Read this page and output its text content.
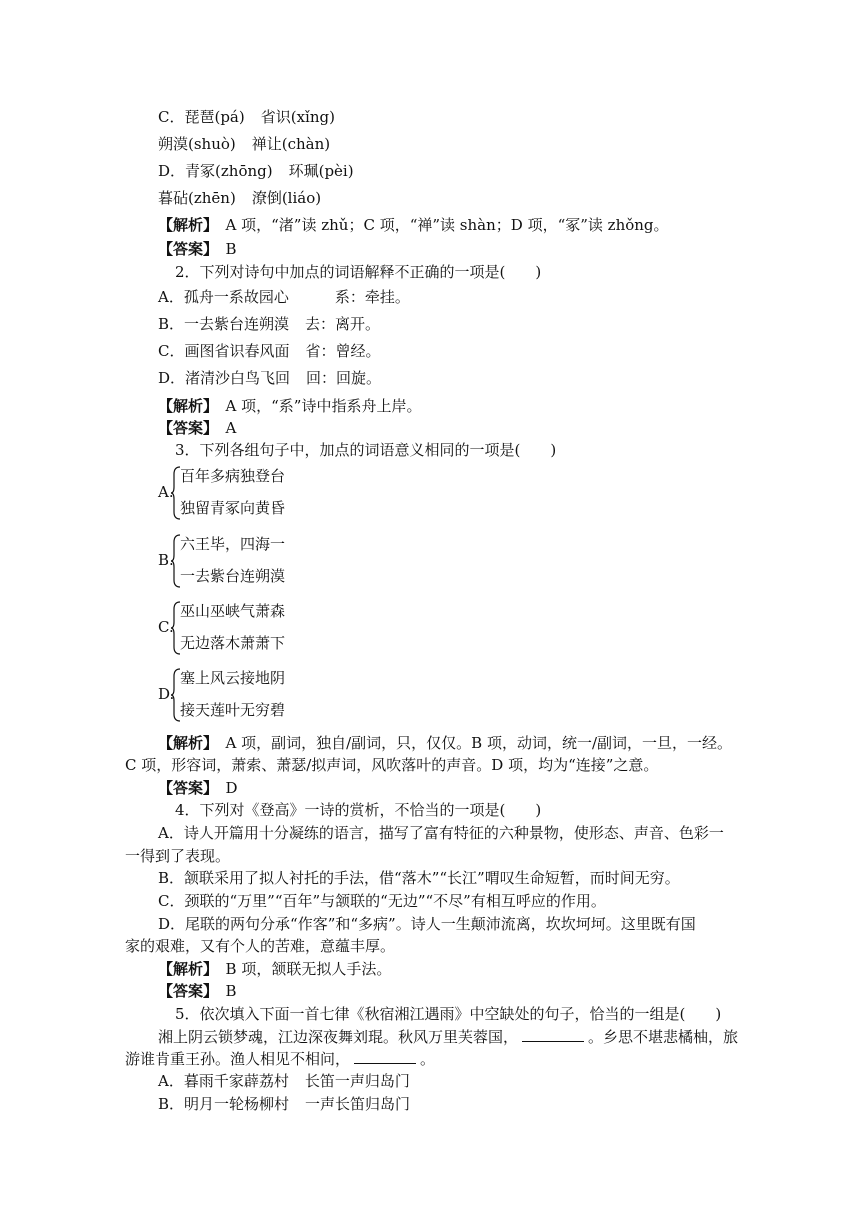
C．琵琶(pá) 省识(xǐng)
朔漠(shuò) 禅让(chàn)
D．青冢(zhōng) 环珮(pèi)
暮砧(zhēn) 潦倒(liáo)
【解析】　 A 项，“渚”读 zhǔ；C 项，“禅”读 shàn；D 项，“冢”读 zhǒng。
【答案】　 B
2．下列对诗句中加点的词语解释不正确的一项是(　　)
A．孤舟一系故园心	系：牵挂。
B．一去紫台连朔漠 去：离开。
C．画图省识春风面 省：曾经。
D．渚清沙白鸟飞回 回：回旋。
【解析】　 A 项，“系”诗中指系舟上岸。
【答案】　 A
3．下列各组句子中，加点的词语意义相同的一项是(　　)
A.
百年多病独登台
独留青冢向黄昏
B.
六王毕，四海一
一去紫台连朔漠
C.
巫山巫峡气萧森
无边落木萧萧下
D.
塞上风云接地阴
接天莲叶无穷碧
【解析】　 A 项，副词，独自/副词，只，仅仅。B 项，动词，统一/副词，一旦，一经。
C 项，形容词，萧索、萧瑟/拟声词，风吹落叶的声音。D 项，均为“连接”之意。
【答案】　 D
4．下列对《登高》一诗的赏析，不恰当的一项是(　　)
A．诗人开篇用十分凝练的语言，描写了富有特征的六种景物，使形态、声音、色彩一
一得到了表现。
B．颔联采用了拟人衬托的手法，借“落木”“长江”喟叹生命短暂，而时间无穷。
C．颈联的“万里”“百年”与颔联的“无边”“不尽”有相互呼应的作用。
D．尾联的两句分承“作客”和“多病”。诗人一生颠沛流离，坎坎坷坷。这里既有国
家的艰难，又有个人的苦难，意蕴丰厚。
【解析】　 B 项，颔联无拟人手法。
【答案】　 B
5．依次填入下面一首七律《秋宿湘江遇雨》中空缺处的句子，恰当的一组是(　　)
湘上阴云锁梦魂，江边深夜舞刘琨。秋风万里芙蓉国，	。乡思不堪悲橘柚，旅
游谁肯重王孙。渔人相见不相问，	。
A．暮雨千家薜荔村 长笛一声归岛门
B．明月一轮杨柳村 一声长笛归岛门
